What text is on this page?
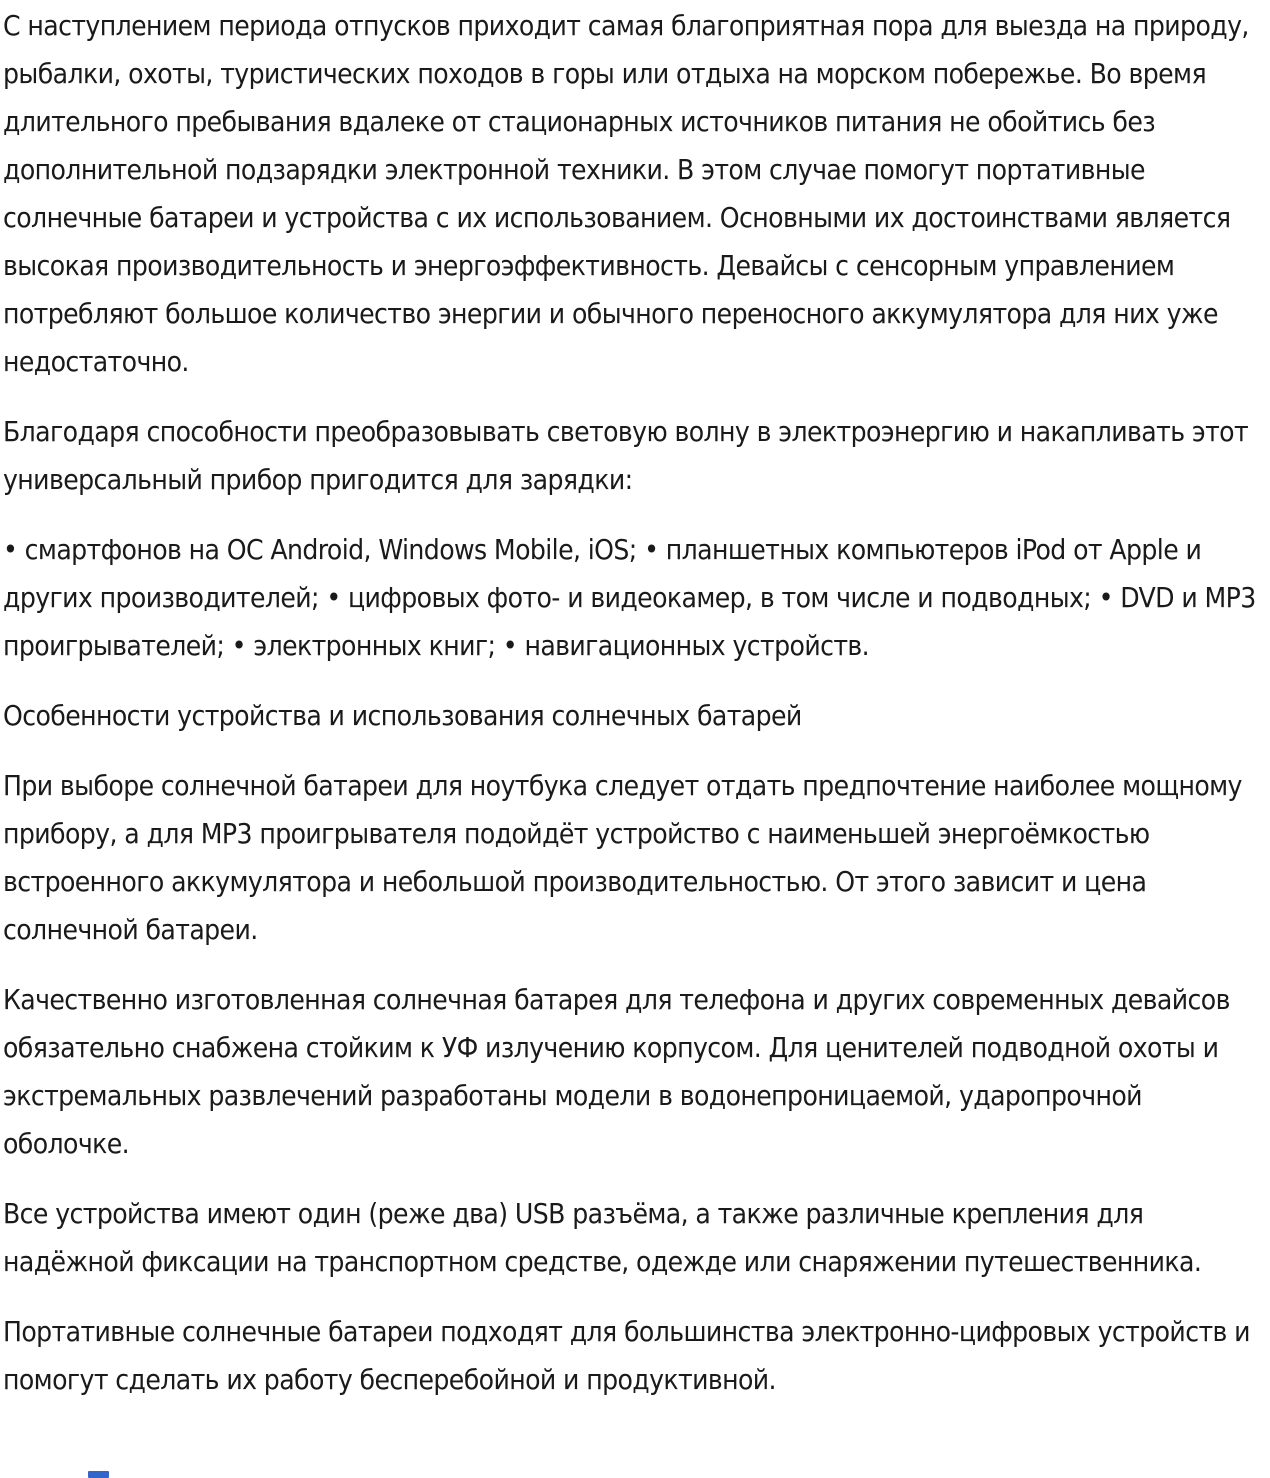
С наступлением периода отпусков приходит самая благоприятная пора для выезда на природу, рыбалки, охоты, туристических походов в горы или отдыха на морском побережье. Во время длительного пребывания вдалеке от стационарных источников питания не обойтись без дополнительной подзарядки электронной техники. В этом случае помогут портативные солнечные батареи и устройства с их использованием. Основными их достоинствами является высокая производительность и энергоэффективность. Девайсы с сенсорным управлением потребляют большое количество энергии и обычного переносного аккумулятора для них уже недостаточно.

Благодаря способности преобразовывать световую волну в электроэнергию и накапливать этот универсальный прибор пригодится для зарядки:

• смартфонов на ОС Android, Windows Mobile, iOS; • планшетных компьютеров iPod от Apple и других производителей; • цифровых фото- и видеокамер, в том числе и подводных; • DVD и MP3 проигрывателей; • электронных книг; • навигационных устройств.

Особенности устройства и использования солнечных батарей

При выборе солнечной батареи для ноутбука следует отдать предпочтение наиболее мощному прибору, а для MP3 проигрывателя подойдёт устройство с наименьшей энергоёмкостью встроенного аккумулятора и небольшой производительностью. От этого зависит и цена солнечной батареи.

Качественно изготовленная солнечная батарея для телефона и других современных девайсов обязательно снабжена стойким к УФ излучению корпусом. Для ценителей подводной охоты и экстремальных развлечений разработаны модели в водонепроницаемой, ударопрочной оболочке.

Все устройства имеют один (реже два) USB разъёма, а также различные крепления для надёжной фиксации на транспортном средстве, одежде или снаряжении путешественника.

Портативные солнечные батареи подходят для большинства электронно-цифровых устройств и помогут сделать их работу бесперебойной и продуктивной.
